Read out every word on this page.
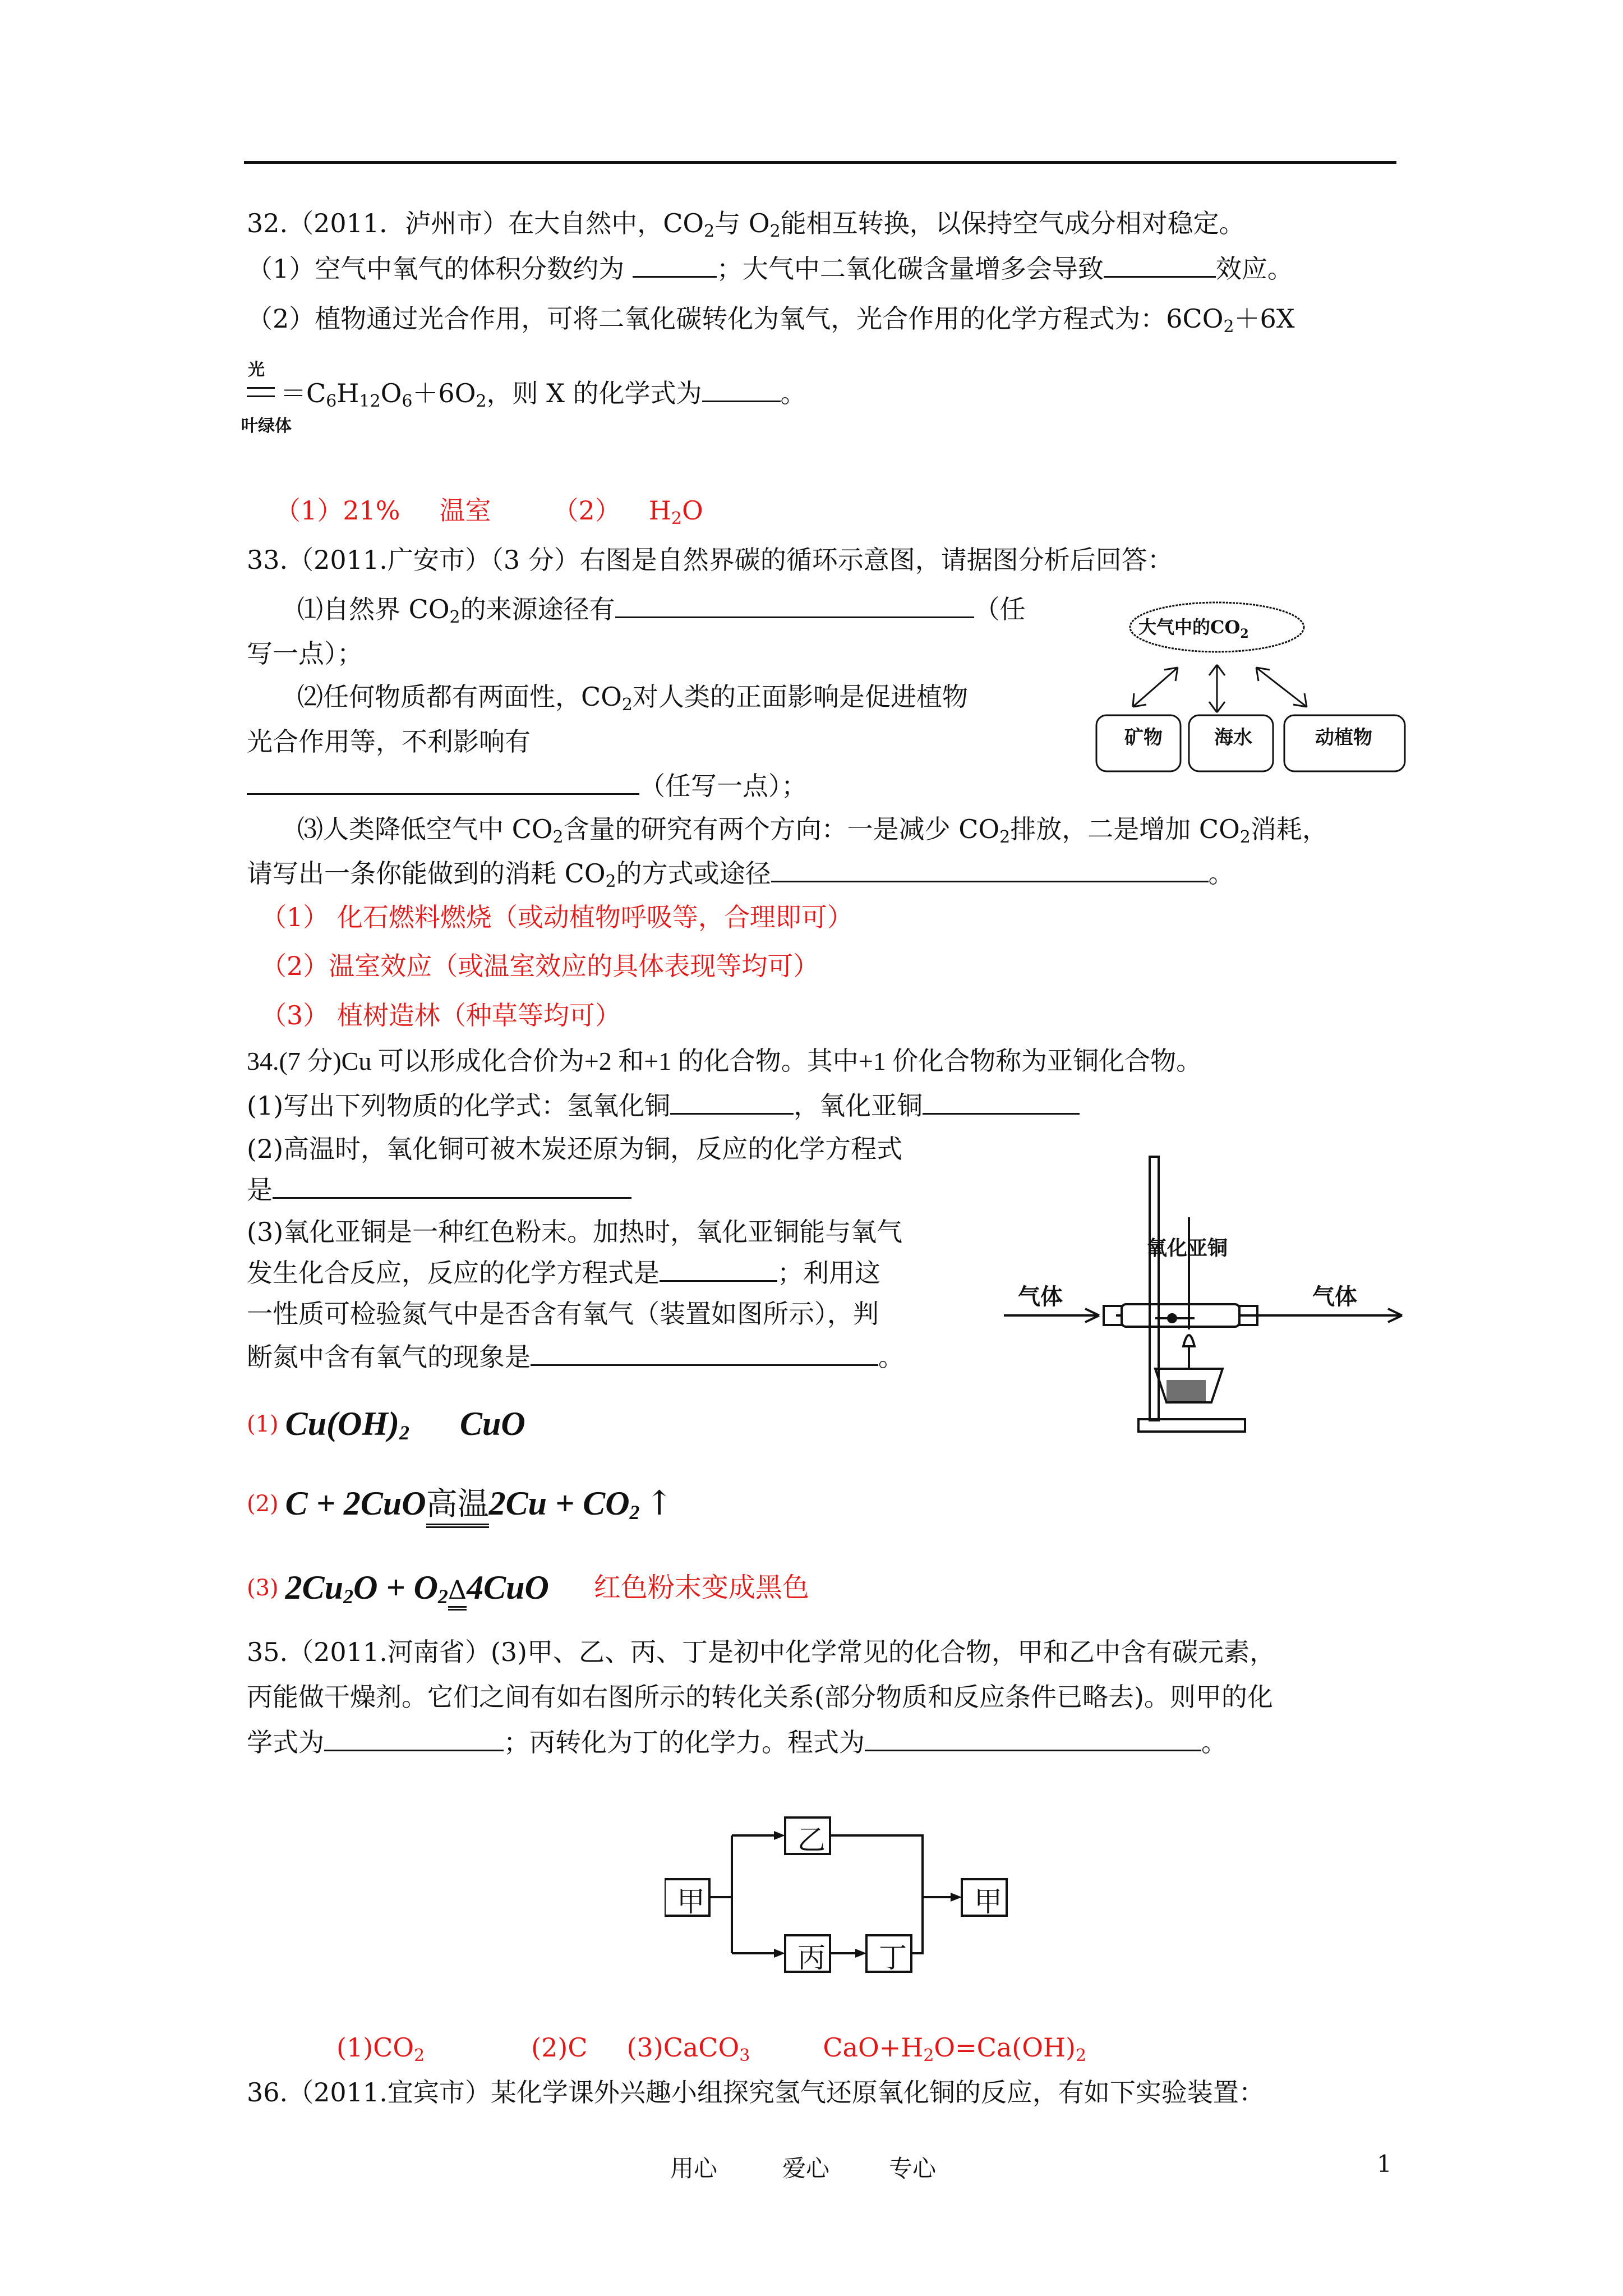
32.（2011．泸州市）在大自然中，$CO_2$与 $O_2$能相互转换，以保持空气成分相对稳定。
（1）空气中氧气的体积分数约为	；大气中二氧化碳含量增多会导致	效应。
（2）植物通过光合作用，可将二氧化碳转化为氧气，光合作用的化学方程式为：$6CO_2+6X$
光
叶绿体
$=C_6H_{12}O_6+6O_2$，则 X 的化学式为	。
（1）21% 温室 （2） $H_2O$
33.（2011.广安市）（3 分）右图是自然界碳的循环示意图，请据图分析后回答：
⑴自然界 $CO_2$的来源途径有	（任
写一点）；
⑵任何物质都有两面性，$CO_2$对人类的正面影响是促进植物
光合作用等，不利影响有
（任写一点）；
⑶人类降低空气中 $CO_2$含量的研究有两个方向：一是减少 $CO_2$排放，二是增加 $CO_2$消耗，
请写出一条你能做到的消耗 $CO_2$的方式或途径	。
（1） 化石燃料燃烧（或动植物呼吸等，合理即可）
（2）温室效应（或温室效应的具体表现等均可）
（3） 植树造林（种草等均可）
大气中的$CO_2$
矿物	海水	动植物
34.(7 分)Cu 可以形成化合价为+2 和+1 的化合物。其中+1 价化合物称为亚铜化合物。
(1)写出下列物质的化学式：氢氧化铜	，氧化亚铜
(2)高温时，氧化铜可被木炭还原为铜，反应的化学方程式
是
(3)氧化亚铜是一种红色粉末。加热时，氧化亚铜能与氧气
发生化合反应，反应的化学方程式是	；利用这
一性质可检验氮气中是否含有氧气（装置如图所示），判
断氮中含有氧气的现象是	。
(1) $Cu(OH)_2$ CuO
(2) C + 2CuO高温$2Cu + CO_2$ ↑
(3) $2Cu_2O + O_2\Delta 4CuO$ 红色粉末变成黑色
氧化亚铜
气体	气体
35.（2011.河南省）(3)甲、乙、丙、丁是初中化学常见的化合物，甲和乙中含有碳元素，
丙能做干燥剂。它们之间有如右图所示的转化关系(部分物质和反应条件已略去)。则甲的化
学式为	；丙转化为丁的化学力。程式为	。
甲
乙
丙 丁
甲
$(1)CO_2$	(2)C (3)CaCO$_3$	$CaO+H_2O=Ca(OH)_2$
36.（2011.宜宾市）某化学课外兴趣小组探究氢气还原氧化铜的反应，有如下实验装置：
用心	爱心	专心	1
